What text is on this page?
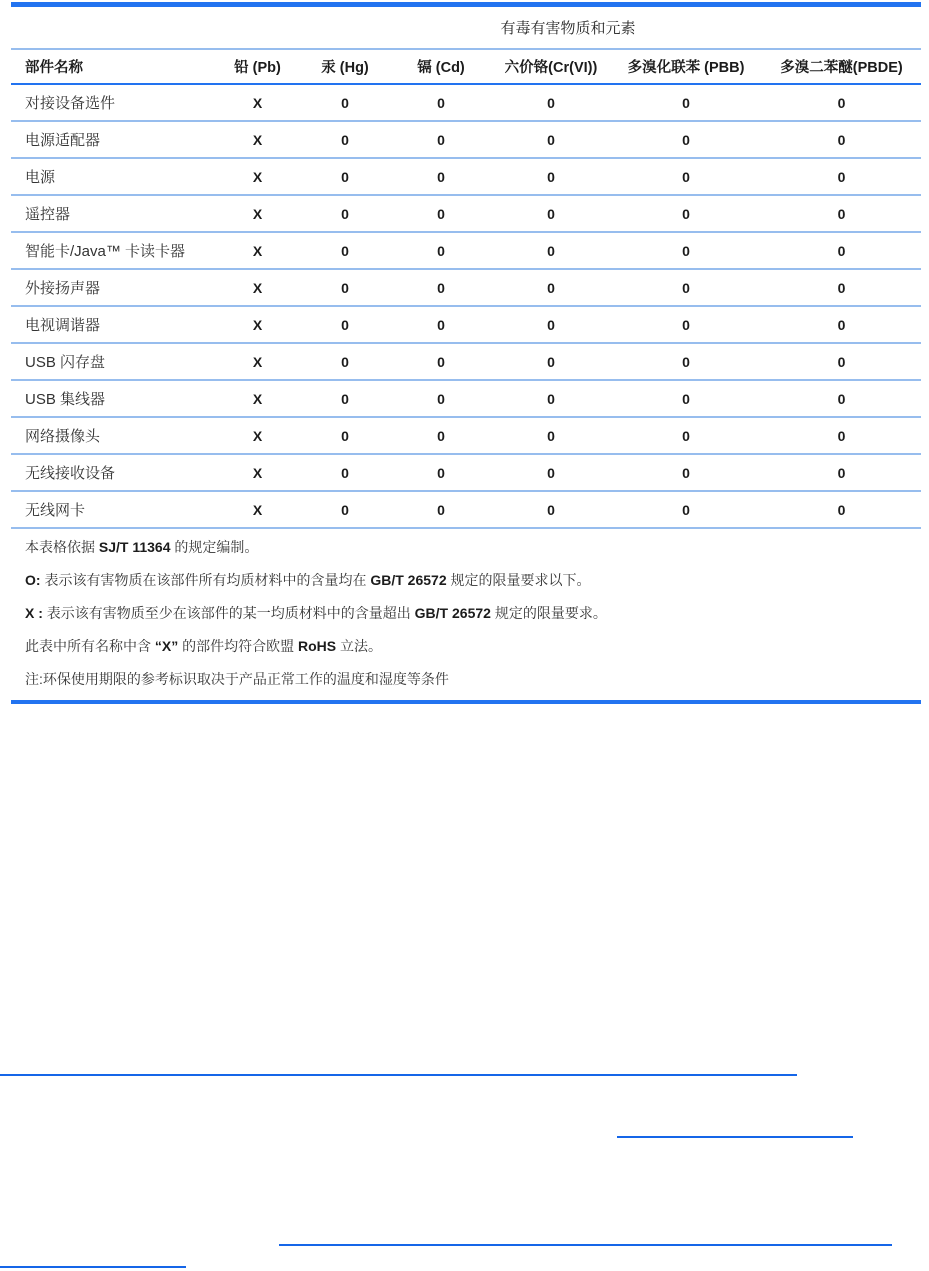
有毒有害物质和元素
部件名称	铅 (Pb)	汞 (Hg)	镉 (Cd)	六价铬(Cr(VI))	多溴化联苯 (PBB)	多溴二苯醚(PBDE)
对接设备选件	X	0	0	0	0	0
电源适配器	X	0	0	0	0	0
电源	X	0	0	0	0	0
遥控器	X	0	0	0	0	0
智能卡/Java™ 卡读卡器	X	0	0	0	0	0
外接扬声器	X	0	0	0	0	0
电视调谐器	X	0	0	0	0	0
USB 闪存盘	X	0	0	0	0	0
USB 集线器	X	0	0	0	0	0
网络摄像头	X	0	0	0	0	0
无线接收设备	X	0	0	0	0	0
无线网卡	X	0	0	0	0	0
本表格依据 SJ/T 11364 的规定编制。
O: 表示该有害物质在该部件所有均质材料中的含量均在 GB/T 26572 规定的限量要求以下。
X : 表示该有害物质至少在该部件的某一均质材料中的含量超出 GB/T 26572 规定的限量要求。
此表中所有名称中含 “X” 的部件均符合欧盟 RoHS 立法。
注:环保使用期限的参考标识取决于产品正常工作的温度和湿度等条件
